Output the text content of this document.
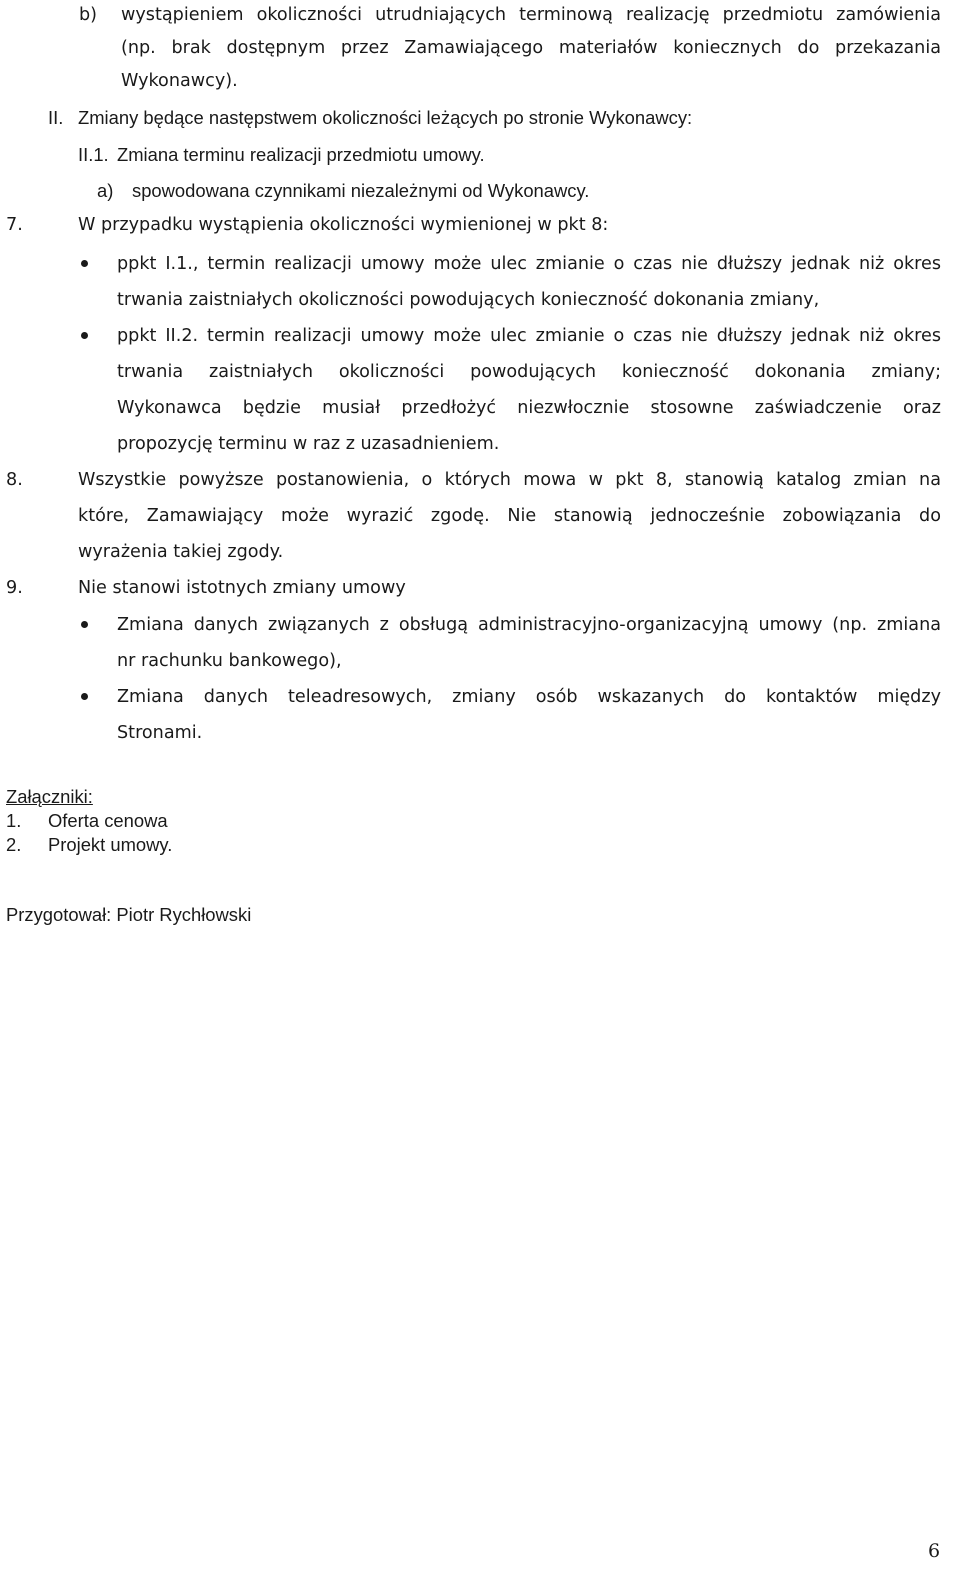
b) wystąpieniem okoliczności utrudniających terminową realizację przedmiotu zamówienia
(np. brak dostępnym przez Zamawiającego materiałów koniecznych do przekazania
Wykonawcy).
II. Zmiany będące następstwem okoliczności leżących po stronie Wykonawcy:
II.1. Zmiana terminu realizacji przedmiotu umowy.
a) spowodowana czynnikami niezależnymi od Wykonawcy.
7.	W przypadku wystąpienia okoliczności wymienionej w pkt 8:
ppkt I.1., termin realizacji umowy może ulec zmianie o czas nie dłuższy jednak niż okres
trwania zaistniałych okoliczności powodujących konieczność dokonania zmiany,
ppkt II.2. termin realizacji umowy może ulec zmianie o czas nie dłuższy jednak niż okres
trwania zaistniałych okoliczności powodujących konieczność dokonania zmiany;
Wykonawca będzie musiał przedłożyć niezwłocznie stosowne zaświadczenie oraz
propozycję terminu w raz z uzasadnieniem.
8.	Wszystkie powyższe postanowienia, o których mowa w pkt 8, stanowią katalog zmian na
które, Zamawiający może wyrazić zgodę. Nie stanowią jednocześnie zobowiązania do
wyrażenia takiej zgody.
9.	Nie stanowi istotnych zmiany umowy
Zmiana danych związanych z obsługą administracyjno-organizacyjną umowy (np. zmiana
nr rachunku bankowego),
Zmiana danych teleadresowych, zmiany osób wskazanych do kontaktów między
Stronami.
Załączniki:
1. Oferta cenowa
2. Projekt umowy.
Przygotował: Piotr Rychłowski
6
